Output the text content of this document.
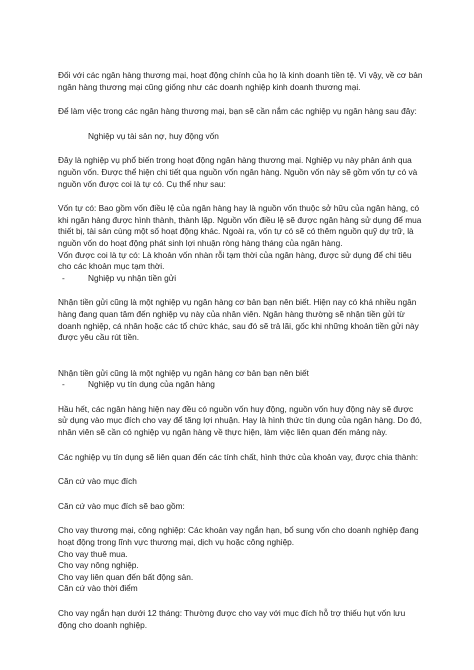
Đối với các ngân hàng thương mại, hoạt động chính của họ là kinh doanh tiền tệ. Vì vậy, về cơ bản ngân hàng thương mại cũng giống như các doanh nghiệp kinh doanh thương mại.

Để làm việc trong các ngân hàng thương mại, bạn sẽ cần nắm các nghiệp vụ ngân hàng sau đây:

Nghiệp vụ tài sản nợ, huy động vốn

Đây là nghiệp vụ phổ biến trong hoạt động ngân hàng thương mại. Nghiệp vụ này phản ánh qua nguồn vốn. Được thể hiện chi tiết qua nguồn vốn ngân hàng. Nguồn vốn này sẽ gồm vốn tự có và nguồn vốn được coi là tự có. Cụ thể như sau:

Vốn tự có: Bao gồm vốn điều lệ của ngân hàng hay là nguồn vốn thuộc sở hữu của ngân hàng, có khi ngân hàng được hình thành, thành lập. Nguồn vốn điều lệ sẽ được ngân hàng sử dụng để mua thiết bị, tài sản cùng một số hoạt động khác. Ngoài ra, vốn tự có sẽ có thêm nguồn quỹ dự trữ, là nguồn vốn do hoạt động phát sinh lợi nhuận ròng hàng tháng của ngân hàng.

Vốn được coi là tự có: Là khoản vốn nhàn rỗi tạm thời của ngân hàng, được sử dụng để chi tiêu cho các khoản mục tạm thời.

-	Nghiệp vụ nhận tiền gửi

Nhận tiền gửi cũng là một nghiệp vụ ngân hàng cơ bản bạn nên biết. Hiện nay có khá nhiều ngân hàng đang quan tâm đến nghiệp vụ này của nhân viên. Ngân hàng thường sẽ nhận tiền gửi từ doanh nghiệp, cá nhân hoặc các tổ chức khác, sau đó sẽ trả lãi, gốc khi những khoản tiền gửi này được yêu cầu rút tiền.

Nhận tiền gửi cũng là một nghiệp vụ ngân hàng cơ bản bạn nên biết

-	Nghiệp vụ tín dụng của ngân hàng

Hầu hết, các ngân hàng hiện nay đều có nguồn vốn huy động, nguồn vốn huy động này sẽ được sử dụng vào mục đích cho vay để tăng lợi nhuận. Hay là hình thức tín dụng của ngân hàng. Do đó, nhân viên sẽ cần có nghiệp vụ ngân hàng về thực hiện, làm việc liên quan đến mảng này.

Các nghiệp vụ tín dụng sẽ liên quan đến các tính chất, hình thức của khoản vay, được chia thành:

Căn cứ vào mục đích

Căn cứ vào mục đích sẽ bao gồm:

Cho vay thương mại, công nghiệp: Các khoản vay ngắn hạn, bổ sung vốn cho doanh nghiệp đang hoạt động trong lĩnh vực thương mại, dịch vụ hoặc công nghiệp.

Cho vay thuê mua.

Cho vay nông nghiệp.

Cho vay liên quan đến bất động sản.

Căn cứ vào thời điểm

Cho vay ngắn hạn dưới 12 tháng: Thường được cho vay với mục đích hỗ trợ thiếu hụt vốn lưu động cho doanh nghiệp.
